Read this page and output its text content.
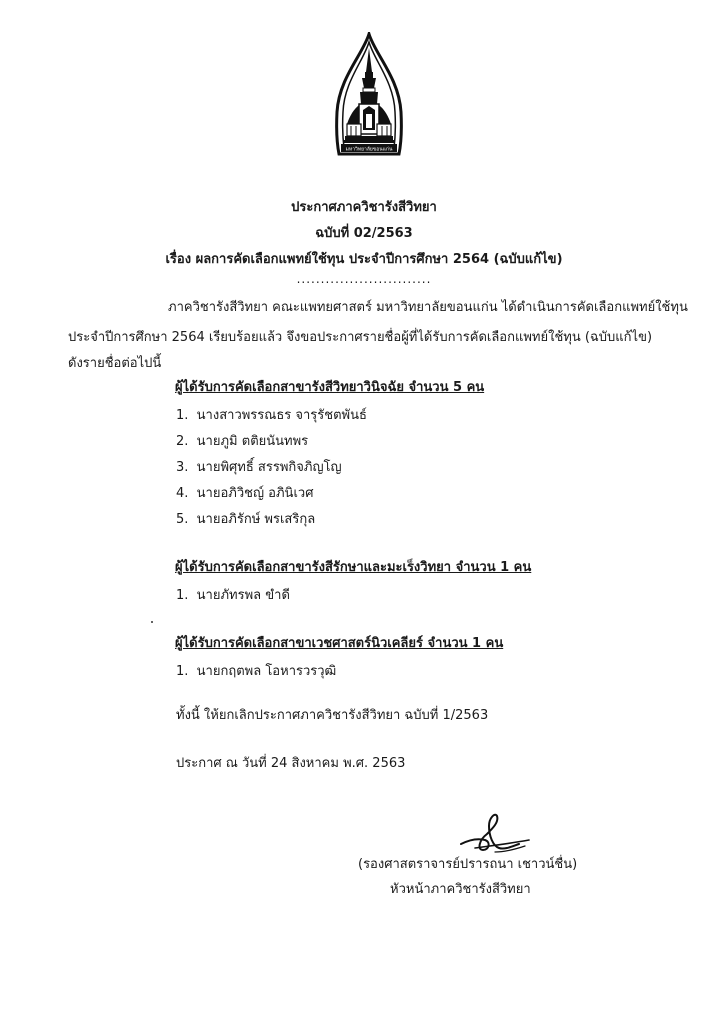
มหาวิทยาลัยขอนแก่น
ประกาศภาควิชารังสีวิทยา
ฉบับที่ 02/2563
เรื่อง ผลการคัดเลือกแพทย์ใช้ทุน ประจำปีการศึกษา 2564 (ฉบับแก้ไข)
............................
ภาควิชารังสีวิทยา คณะแพทยศาสตร์ มหาวิทยาลัยขอนแก่น ได้ดำเนินการคัดเลือกแพทย์ใช้ทุน
ประจำปีการศึกษา 2564 เรียบร้อยแล้ว จึงขอประกาศรายชื่อผู้ที่ได้รับการคัดเลือกแพทย์ใช้ทุน (ฉบับแก้ไข)
ดังรายชื่อต่อไปนี้
ผู้ได้รับการคัดเลือกสาขารังสีวิทยาวินิจฉัย จำนวน 5 คน
1. นางสาวพรรณธร จารุรัชตพันธ์
2. นายภูมิ ตติยนันทพร
3. นายพิศุทธิ์ สรรพกิจภิญโญ
4. นายอภิวิชญ์ อภินิเวศ
5. นายอภิรักษ์ พรเสริกุล
ผู้ได้รับการคัดเลือกสาขารังสีรักษาและมะเร็งวิทยา จำนวน 1 คน
1. นายภัทรพล ขำดี
ผู้ได้รับการคัดเลือกสาขาเวชศาสตร์นิวเคลียร์ จำนวน 1 คน
1. นายกฤตพล โอหารวรวุฒิ
ทั้งนี้ ให้ยกเลิกประกาศภาควิชารังสีวิทยา ฉบับที่ 1/2563
ประกาศ ณ วันที่ 24 สิงหาคม พ.ศ. 2563
(รองศาสตราจารย์ปรารถนา เชาวน์ชื่น)
หัวหน้าภาควิชารังสีวิทยา
